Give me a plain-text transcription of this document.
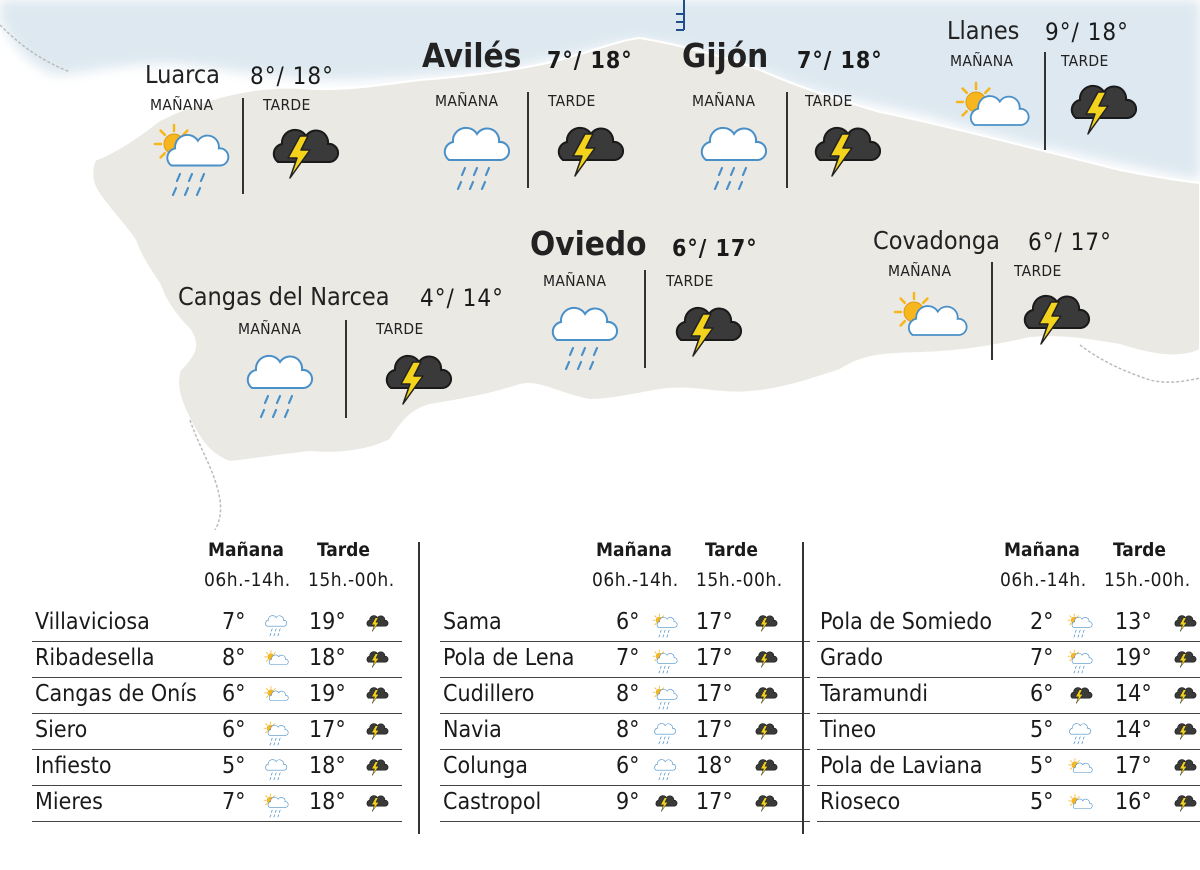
Luarca 8°/ 18°
MAÑANA	TARDE
Avilés 7°/ 18°
MAÑANA	TARDE
Gijón 7°/ 18°
MAÑANA	TARDE
Llanes 9°/ 18°
MAÑANA	TARDE
Oviedo 6°/ 17°
MAÑANA	TARDE
Covadonga 6°/ 17°
MAÑANA	TARDE
Cangas del Narcea 4°/ 14°
MAÑANA	TARDE
Mañana Tarde
06h.-14h. 15h.-00h.
Villaviciosa	7°	19°
Ribadesella	8°	18°
Cangas de Onís 6°	19°
Siero	6°	17°
Infiesto	5°	18°
Mieres	7°	18°
Mañana Tarde
06h.-14h. 15h.-00h.
Sama	6° 17°
Pola de Lena 7° 17°
Cudillero	8° 17°
Navia	8° 17°
Colunga	6° 18°
Castropol	9° 17°
Mañana Tarde
06h.-14h. 15h.-00h.
Pola de Somiedo 2°	13°
Grado	7°	19°
Taramundi	6°	14°
Tineo	5°	14°
Pola de Laviana 5°	17°
Rioseco	5°	16°
